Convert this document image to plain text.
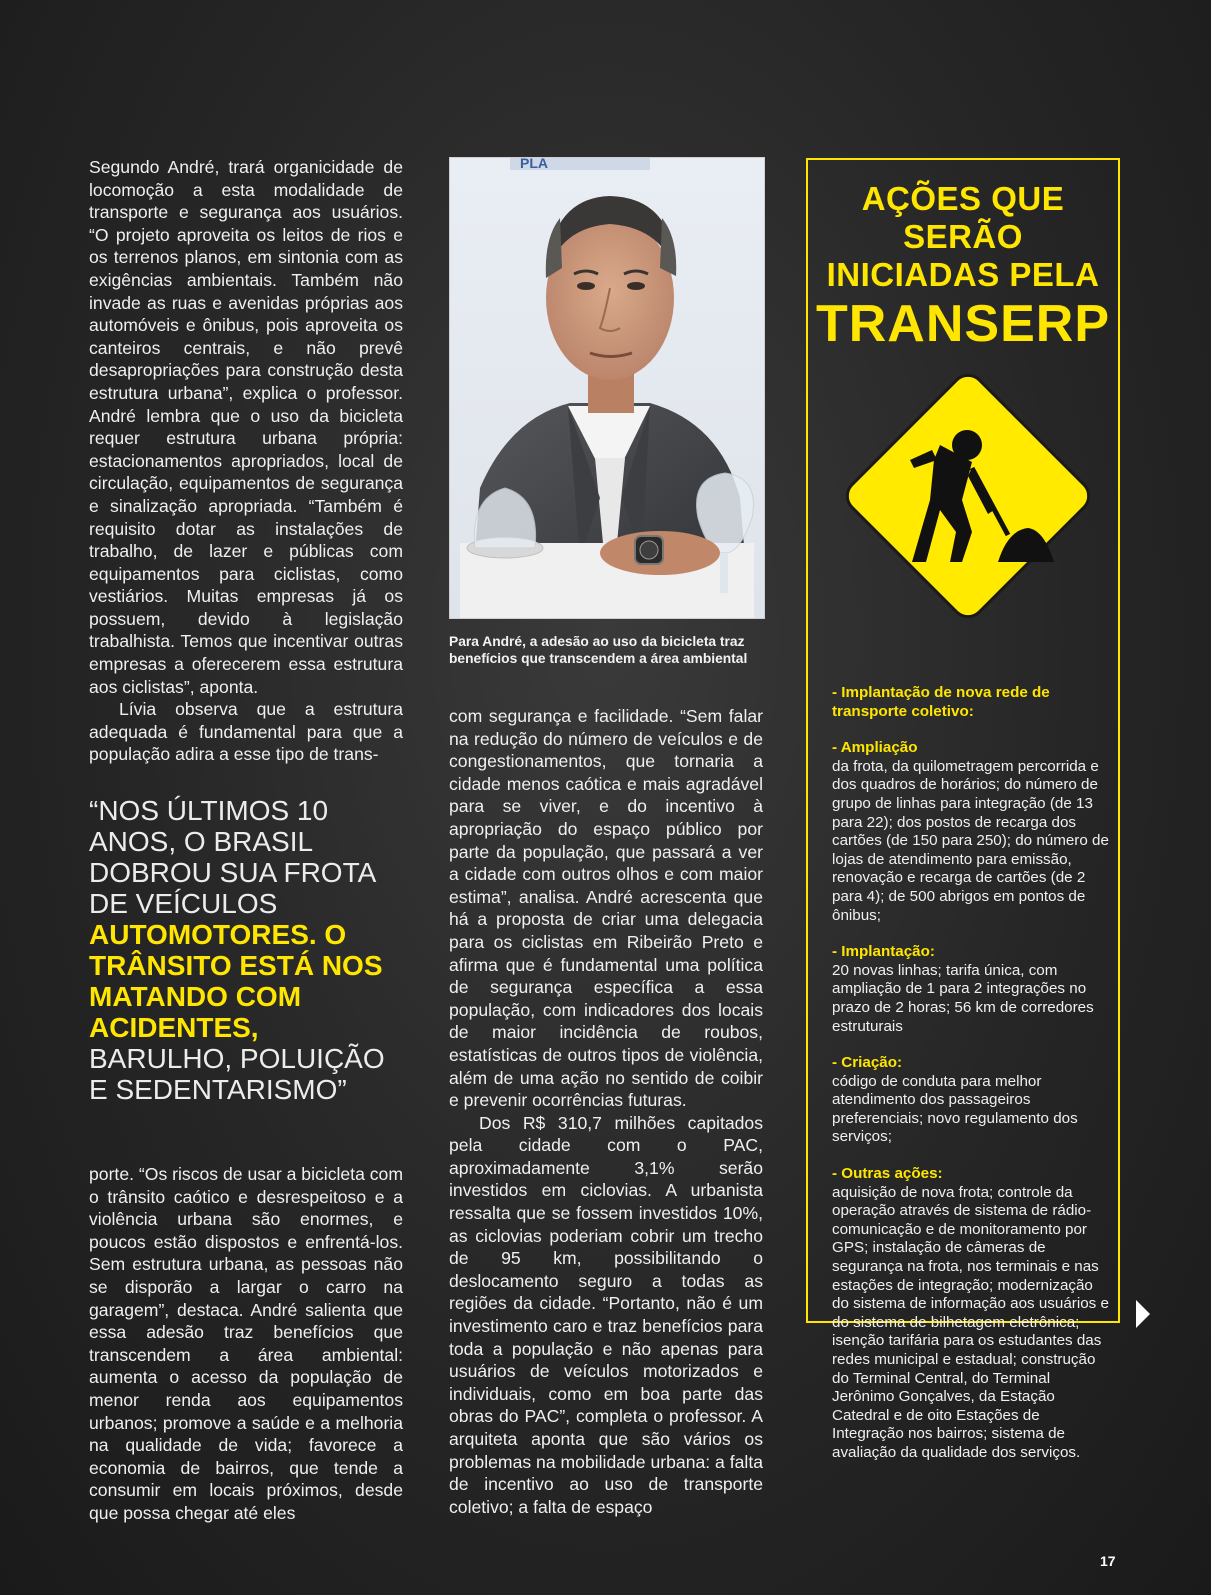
Segundo André, trará organicidade de locomoção a esta modalidade de transporte e segurança aos usuários. “O projeto aproveita os leitos de rios e os terrenos planos, em sintonia com as exigências ambientais. Também não invade as ruas e avenidas próprias aos automóveis e ônibus, pois aproveita os canteiros centrais, e não prevê desapropriações para construção desta estrutura urbana”, explica o professor. André lembra que o uso da bicicleta requer estrutura urbana própria: estacionamentos apropriados, local de circulação, equipamentos de segurança e sinalização apropriada. “Também é requisito dotar as instalações de trabalho, de lazer e públicas com equipamentos para ciclistas, como vestiários. Muitas empresas já os possuem, devido à legislação trabalhista. Temos que incentivar outras empresas a oferecerem essa estrutura aos ciclistas”, aponta.

Lívia observa que a estrutura adequada é fundamental para que a população adira a esse tipo de trans-

“NOS ÚLTIMOS 10 ANOS, O BRASIL DOBROU SUA FROTA DE VEÍCULOS AUTOMOTORES. O TRÂNSITO ESTÁ NOS MATANDO COM ACIDENTES, BARULHO, POLUIÇÃO E SEDENTARISMO”

porte. “Os riscos de usar a bicicleta com o trânsito caótico e desrespeitoso e a violência urbana são enormes, e poucos estão dispostos e enfrentá-los. Sem estrutura urbana, as pessoas não se disporão a largar o carro na garagem”, destaca. André salienta que essa adesão traz benefícios que transcendem a área ambiental: aumenta o acesso da população de menor renda aos equipamentos urbanos; promove a saúde e a melhoria na qualidade de vida; favorece a economia de bairros, que tende a consumir em locais próximos, desde que possa chegar até eles

PLA
Para André, a adesão ao uso da bicicleta traz benefícios que transcendem a área ambiental

com segurança e facilidade. “Sem falar na redução do número de veículos e de congestionamentos, que tornaria a cidade menos caótica e mais agradável para se viver, e do incentivo à apropriação do espaço público por parte da população, que passará a ver a cidade com outros olhos e com maior estima”, analisa. André acrescenta que há a proposta de criar uma delegacia para os ciclistas em Ribeirão Preto e afirma que é fundamental uma política de segurança específica a essa população, com indicadores dos locais de maior incidência de roubos, estatísticas de outros tipos de violência, além de uma ação no sentido de coibir e prevenir ocorrências futuras.

Dos R$ 310,7 milhões capitados pela cidade com o PAC, aproximadamente 3,1% serão investidos em ciclovias. A urbanista ressalta que se fossem investidos 10%, as ciclovias poderiam cobrir um trecho de 95 km, possibilitando o deslocamento seguro a todas as regiões da cidade. “Portanto, não é um investimento caro e traz benefícios para toda a população e não apenas para usuários de veículos motorizados e individuais, como em boa parte das obras do PAC”, completa o professor. A arquiteta aponta que são vários os problemas na mobilidade urbana: a falta de incentivo ao uso de transporte coletivo; a falta de espaço

AÇÕES QUE SERÃO
INICIADAS PELA
TRANSERP
- Implantação de nova rede de transporte coletivo:
- Ampliação
da frota, da quilometragem percorrida e dos quadros de horários; do número de grupo de linhas para integração (de 13 para 22); dos postos de recarga dos cartões (de 150 para 250); do número de lojas de atendimento para emissão, renovação e recarga de cartões (de 2 para 4); de 500 abrigos em pontos de ônibus;
- Implantação:
20 novas linhas; tarifa única, com ampliação de 1 para 2 integrações no prazo de 2 horas; 56 km de corredores estruturais
- Criação:
código de conduta para melhor atendimento dos passageiros preferenciais; novo regulamento dos serviços;
- Outras ações:
aquisição de nova frota; controle da operação através de sistema de rádio-comunicação e de monitoramento por GPS; instalação de câmeras de segurança na frota, nos terminais e nas estações de integração; modernização do sistema de informação aos usuários e do sistema de bilhetagem eletrônica; isenção tarifária para os estudantes das redes municipal e estadual; construção do Terminal Central, do Terminal Jerônimo Gonçalves, da Estação Catedral e de oito Estações de Integração nos bairros; sistema de avaliação da qualidade dos serviços.
17
